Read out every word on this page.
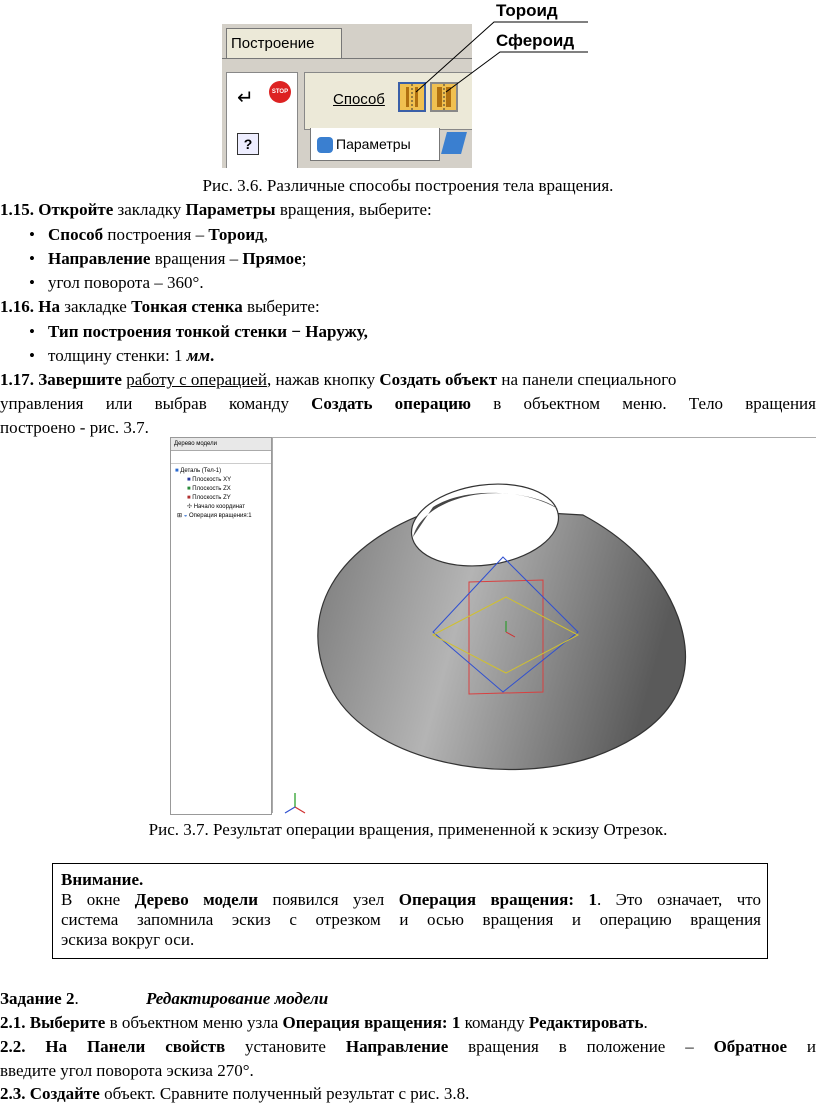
Построение
↵	STOP
?
Способ
Параметры
Тороид
Сфероид
Рис. 3.6. Различные способы построения тела вращения.
1.15. Откройте закладку Параметры вращения, выберите:
Способ построения – Тороид,
Направление вращения – Прямое;
угол поворота – 360°.
1.16. На закладке Тонкая стенка выберите:
Тип построения тонкой стенки − Наружу,
толщину стенки: 1 мм.
•
•
•
•
•
1.17. Завершите работу с операцией, нажав кнопку Создать объект на панели специального
управления или выбрав команду Создать операцию в объектном меню. Тело вращения
построено - рис. 3.7.
Дерево модели
■ Деталь (Тел-1)
■ Плоскость XY
■ Плоскость ZX
■ Плоскость ZY
✣ Начало координат
⊞ ◒ Операция вращения:1
Рис. 3.7. Результат операции вращения, примененной к эскизу Отрезок.
Внимание.
В окне Дерево модели появился узел Операция вращения: 1. Это означает, что
система запомнила эскиз с отрезком и осью вращения и операцию вращения
эскиза вокруг оси.
Задание 2.	Редактирование модели
2.1. Выберите в объектном меню узла Операция вращения: 1 команду Редактировать.
2.2. На Панели свойств установите Направление вращения в положение – Обратное и
введите угол поворота эскиза 270°.
2.3. Создайте объект. Сравните полученный результат с рис. 3.8.
